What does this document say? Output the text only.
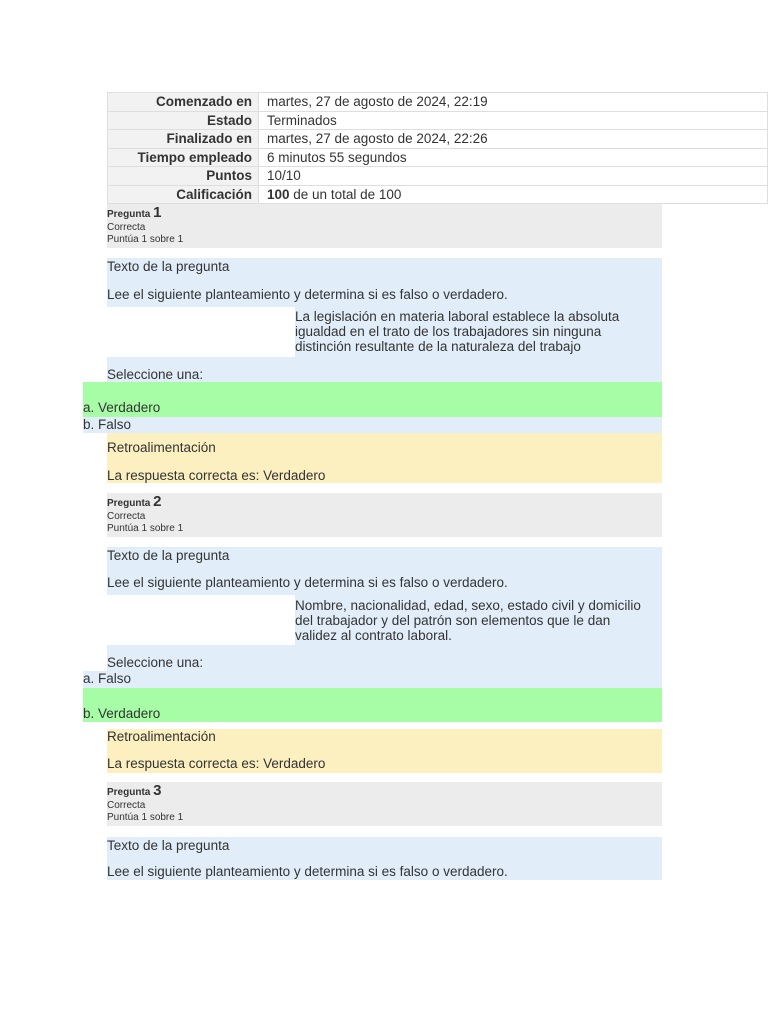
Comenzado en	martes, 27 de agosto de 2024, 22:19
Estado	Terminados
Finalizado en	martes, 27 de agosto de 2024, 22:26
Tiempo empleado	6 minutos 55 segundos
Puntos	10/10
Calificación	100 de un total de 100
Pregunta 1
Correcta
Puntúa 1 sobre 1
Texto de la pregunta
Lee el siguiente planteamiento y determina si es falso o verdadero.
La legislación en materia laboral establece la absoluta igualdad en el trato de los trabajadores sin ninguna distinción resultante de la naturaleza del trabajo
Seleccione una:
a. Verdadero
b. Falso
Retroalimentación
La respuesta correcta es: Verdadero
Pregunta 2
Correcta
Puntúa 1 sobre 1
Texto de la pregunta
Lee el siguiente planteamiento y determina si es falso o verdadero.
Nombre, nacionalidad, edad, sexo, estado civil y domicilio del trabajador y del patrón son elementos que le dan validez al contrato laboral.
Seleccione una:
a. Falso
b. Verdadero
Retroalimentación
La respuesta correcta es: Verdadero
Pregunta 3
Correcta
Puntúa 1 sobre 1
Texto de la pregunta
Lee el siguiente planteamiento y determina si es falso o verdadero.
